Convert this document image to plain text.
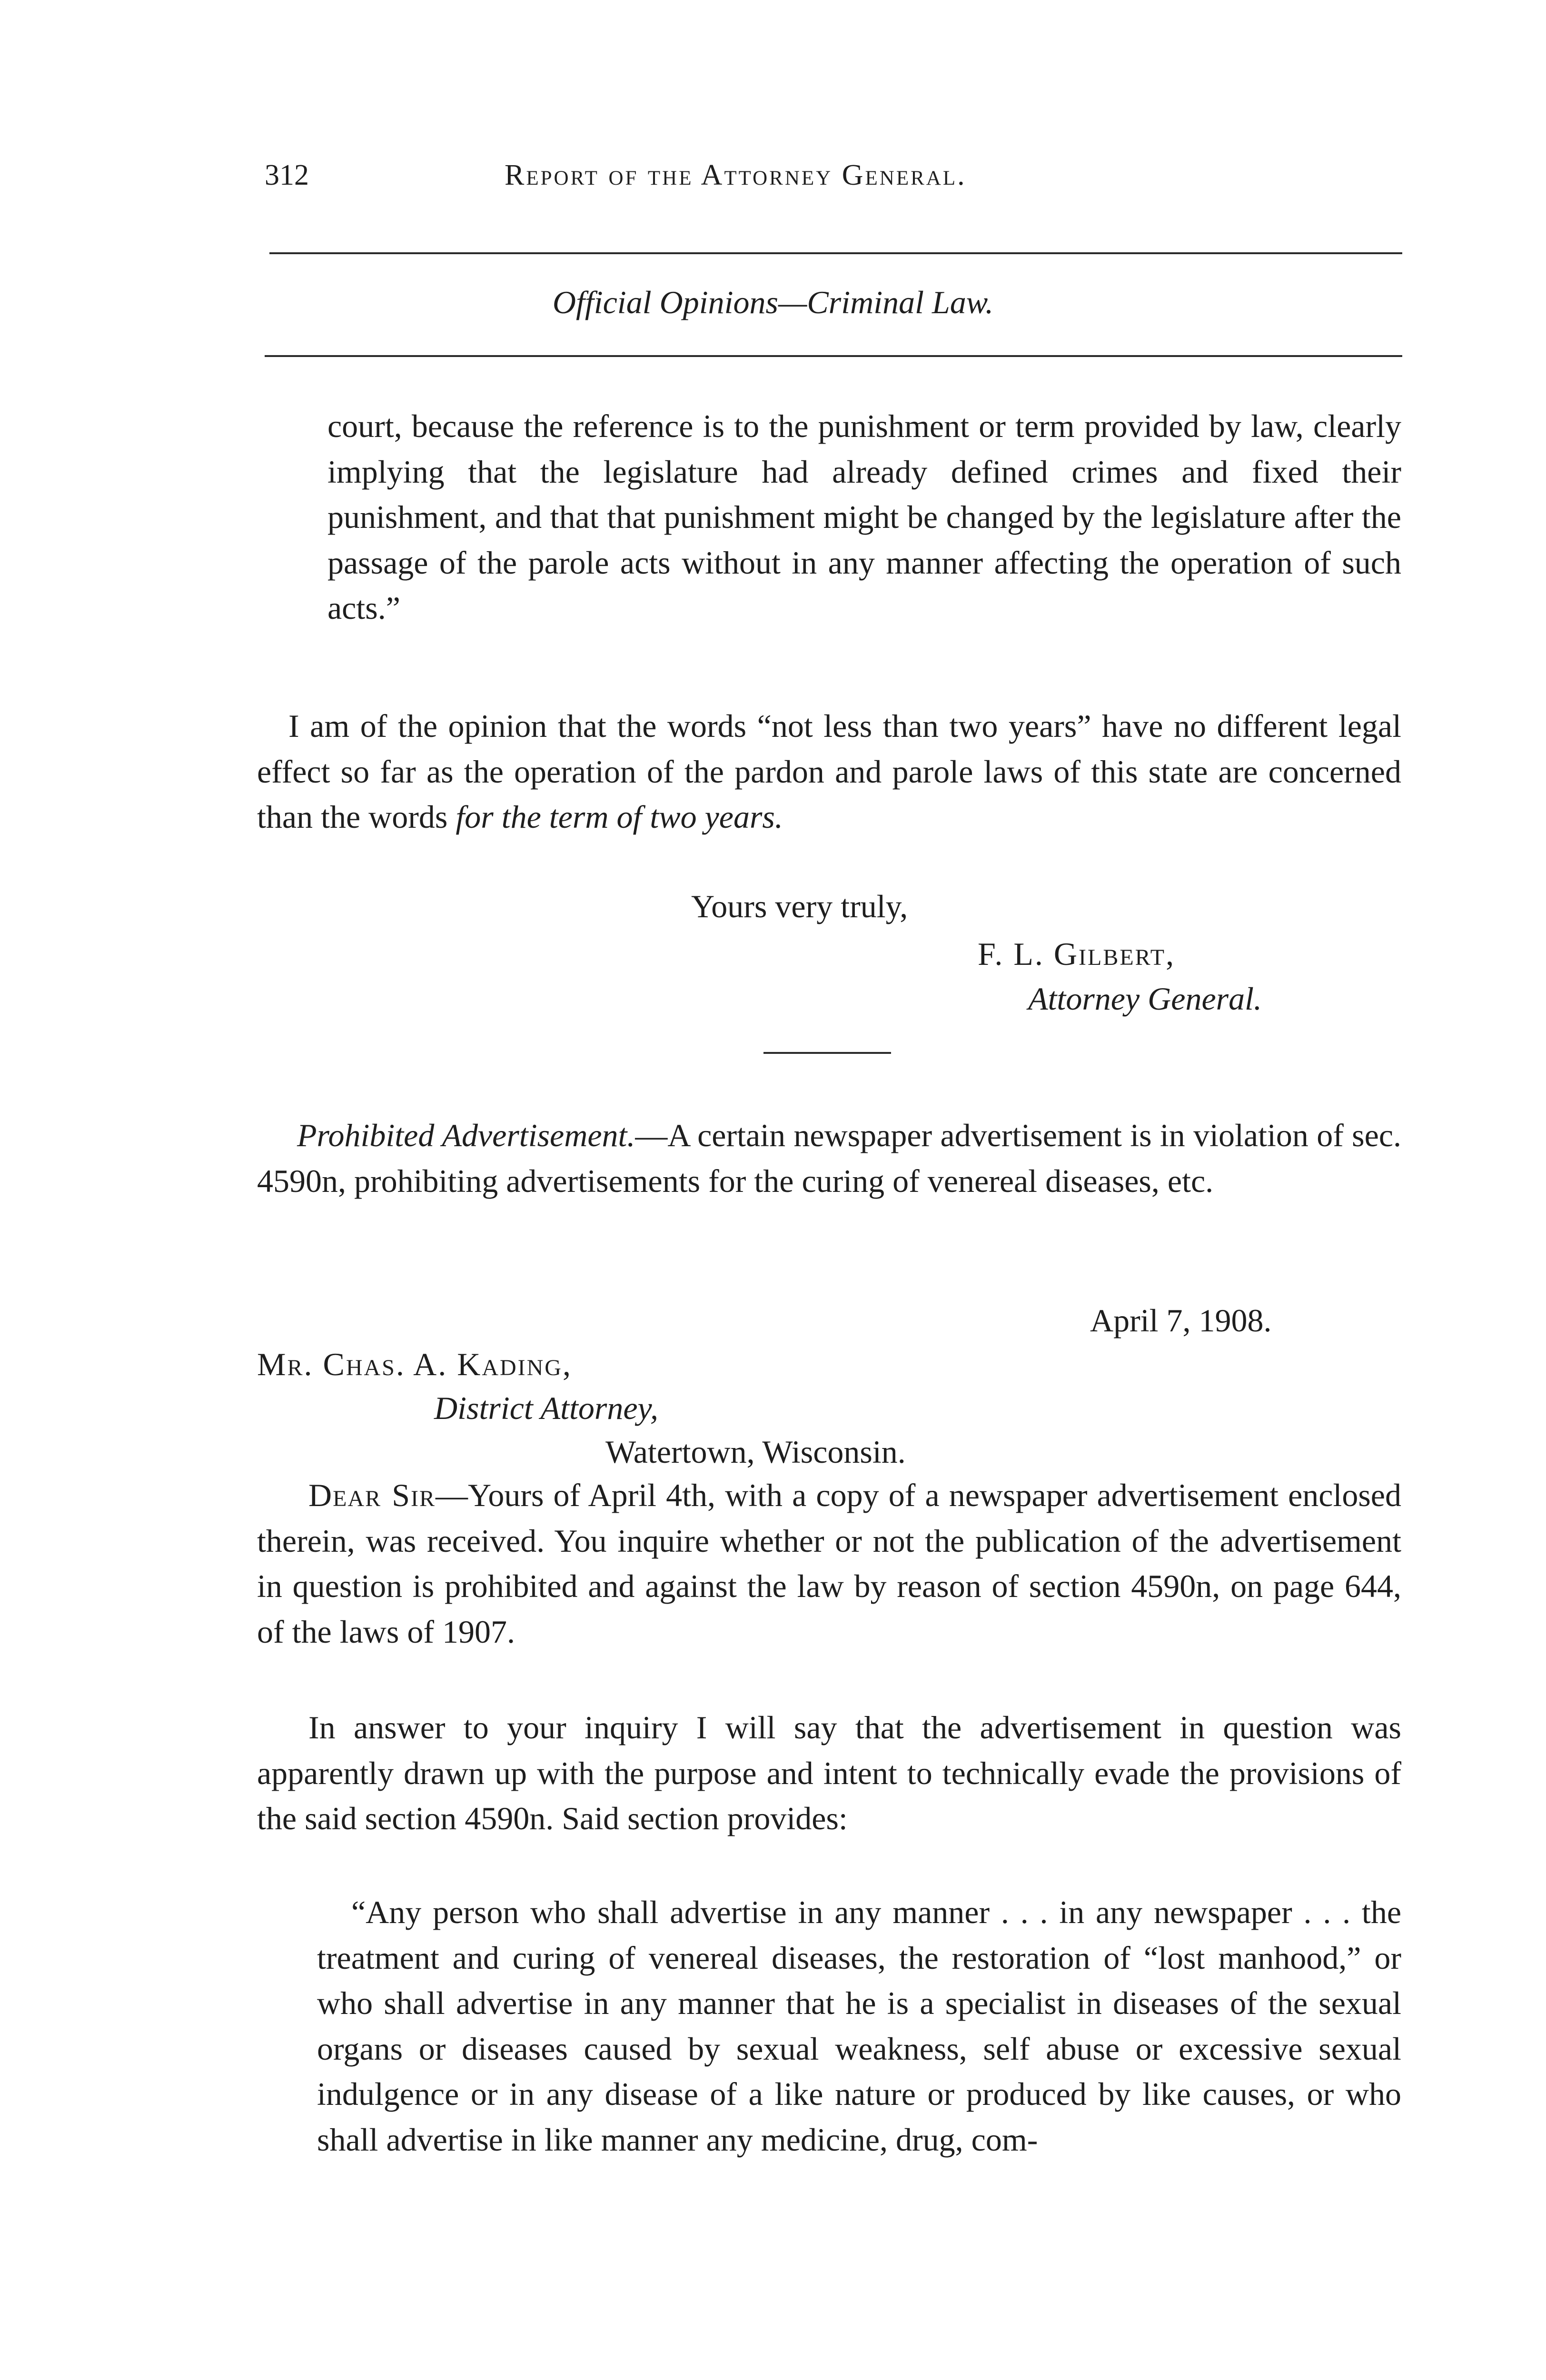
312	Report of the Attorney General.
Official Opinions—Criminal Law.

court, because the reference is to the punishment or term provided by law, clearly implying that the legislature had already defined crimes and fixed their punishment, and that that punishment might be changed by the legislature after the passage of the parole acts without in any manner affecting the operation of such acts.”

I am of the opinion that the words “not less than two years” have no different legal effect so far as the operation of the pardon and parole laws of this state are concerned than the words for the term of two years.

Yours very truly,
F. L. Gilbert,
Attorney General.

Prohibited Advertisement.—A certain newspaper advertisement is in violation of sec. 4590n, prohibiting advertisements for the curing of venereal diseases, etc.

April 7, 1908.
Mr. Chas. A. Kading,
District Attorney,
Watertown, Wisconsin.

Dear Sir—Yours of April 4th, with a copy of a newspaper advertisement enclosed therein, was received. You inquire whether or not the publication of the advertisement in question is prohibited and against the law by reason of section 4590n, on page 644, of the laws of 1907.

In answer to your inquiry I will say that the advertisement in question was apparently drawn up with the purpose and intent to technically evade the provisions of the said section 4590n. Said section provides:

“Any person who shall advertise in any manner . . . in any newspaper . . . the treatment and curing of venereal diseases, the restoration of “lost manhood,” or who shall advertise in any manner that he is a specialist in diseases of the sexual organs or diseases caused by sexual weakness, self abuse or excessive sexual indulgence or in any disease of a like nature or produced by like causes, or who shall advertise in like manner any medicine, drug, com-
